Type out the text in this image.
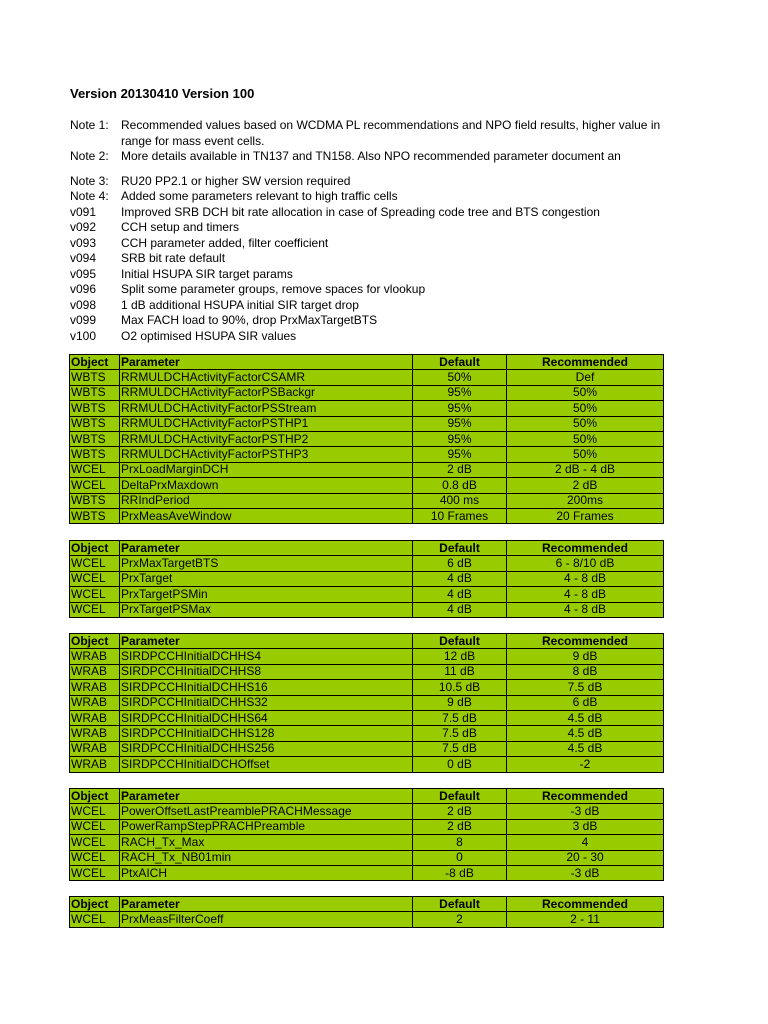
Version 20130410 Version 100
Note 1:	Recommended values based on WCDMA PL recommendations and NPO field results, higher value in range for mass event cells.
Note 2:	More details available in TN137 and TN158. Also NPO recommended parameter document an
Note 3:	RU20 PP2.1 or higher SW version required
Note 4:	Added some parameters relevant to high traffic cells
v091	Improved SRB DCH bit rate allocation in case of Spreading code tree and BTS congestion
v092	CCH setup and timers
v093	CCH parameter added, filter coefficient
v094	SRB bit rate default
v095	Initial HSUPA SIR target params
v096	Split some parameter groups, remove spaces for vlookup
v098	1 dB additional HSUPA initial SIR target drop
v099	Max FACH load to 90%, drop PrxMaxTargetBTS
v100	O2 optimised HSUPA SIR values
Object	Parameter	Default	Recommended
WBTS	RRMULDCHActivityFactorCSAMR	50%	Def
WBTS	RRMULDCHActivityFactorPSBackgr	95%	50%
WBTS	RRMULDCHActivityFactorPSStream	95%	50%
WBTS	RRMULDCHActivityFactorPSTHP1	95%	50%
WBTS	RRMULDCHActivityFactorPSTHP2	95%	50%
WBTS	RRMULDCHActivityFactorPSTHP3	95%	50%
WCEL	PrxLoadMarginDCH	2 dB	2 dB - 4 dB
WCEL	DeltaPrxMaxdown	0.8 dB	2 dB
WBTS	RRIndPeriod	400 ms	200ms
WBTS	PrxMeasAveWindow	10 Frames	20 Frames
Object	Parameter	Default	Recommended
WCEL	PrxMaxTargetBTS	6 dB	6 - 8/10 dB
WCEL	PrxTarget	4 dB	4 - 8 dB
WCEL	PrxTargetPSMin	4 dB	4 - 8 dB
WCEL	PrxTargetPSMax	4 dB	4 - 8 dB
Object	Parameter	Default	Recommended
WRAB	SIRDPCCHInitialDCHHS4	12 dB	9 dB
WRAB	SIRDPCCHInitialDCHHS8	11 dB	8 dB
WRAB	SIRDPCCHInitialDCHHS16	10.5 dB	7.5 dB
WRAB	SIRDPCCHInitialDCHHS32	9 dB	6 dB
WRAB	SIRDPCCHInitialDCHHS64	7.5 dB	4.5 dB
WRAB	SIRDPCCHInitialDCHHS128	7.5 dB	4.5 dB
WRAB	SIRDPCCHInitialDCHHS256	7.5 dB	4.5 dB
WRAB	SIRDPCCHInitialDCHOffset	0 dB	-2
Object	Parameter	Default	Recommended
WCEL	PowerOffsetLastPreamblePRACHMessage	2 dB	-3 dB
WCEL	PowerRampStepPRACHPreamble	2 dB	3 dB
WCEL	RACH_Tx_Max	8	4
WCEL	RACH_Tx_NB01min	0	20 - 30
WCEL	PtxAICH	-8 dB	-3 dB
Object	Parameter	Default	Recommended
WCEL	PrxMeasFilterCoeff	2	2 - 11
